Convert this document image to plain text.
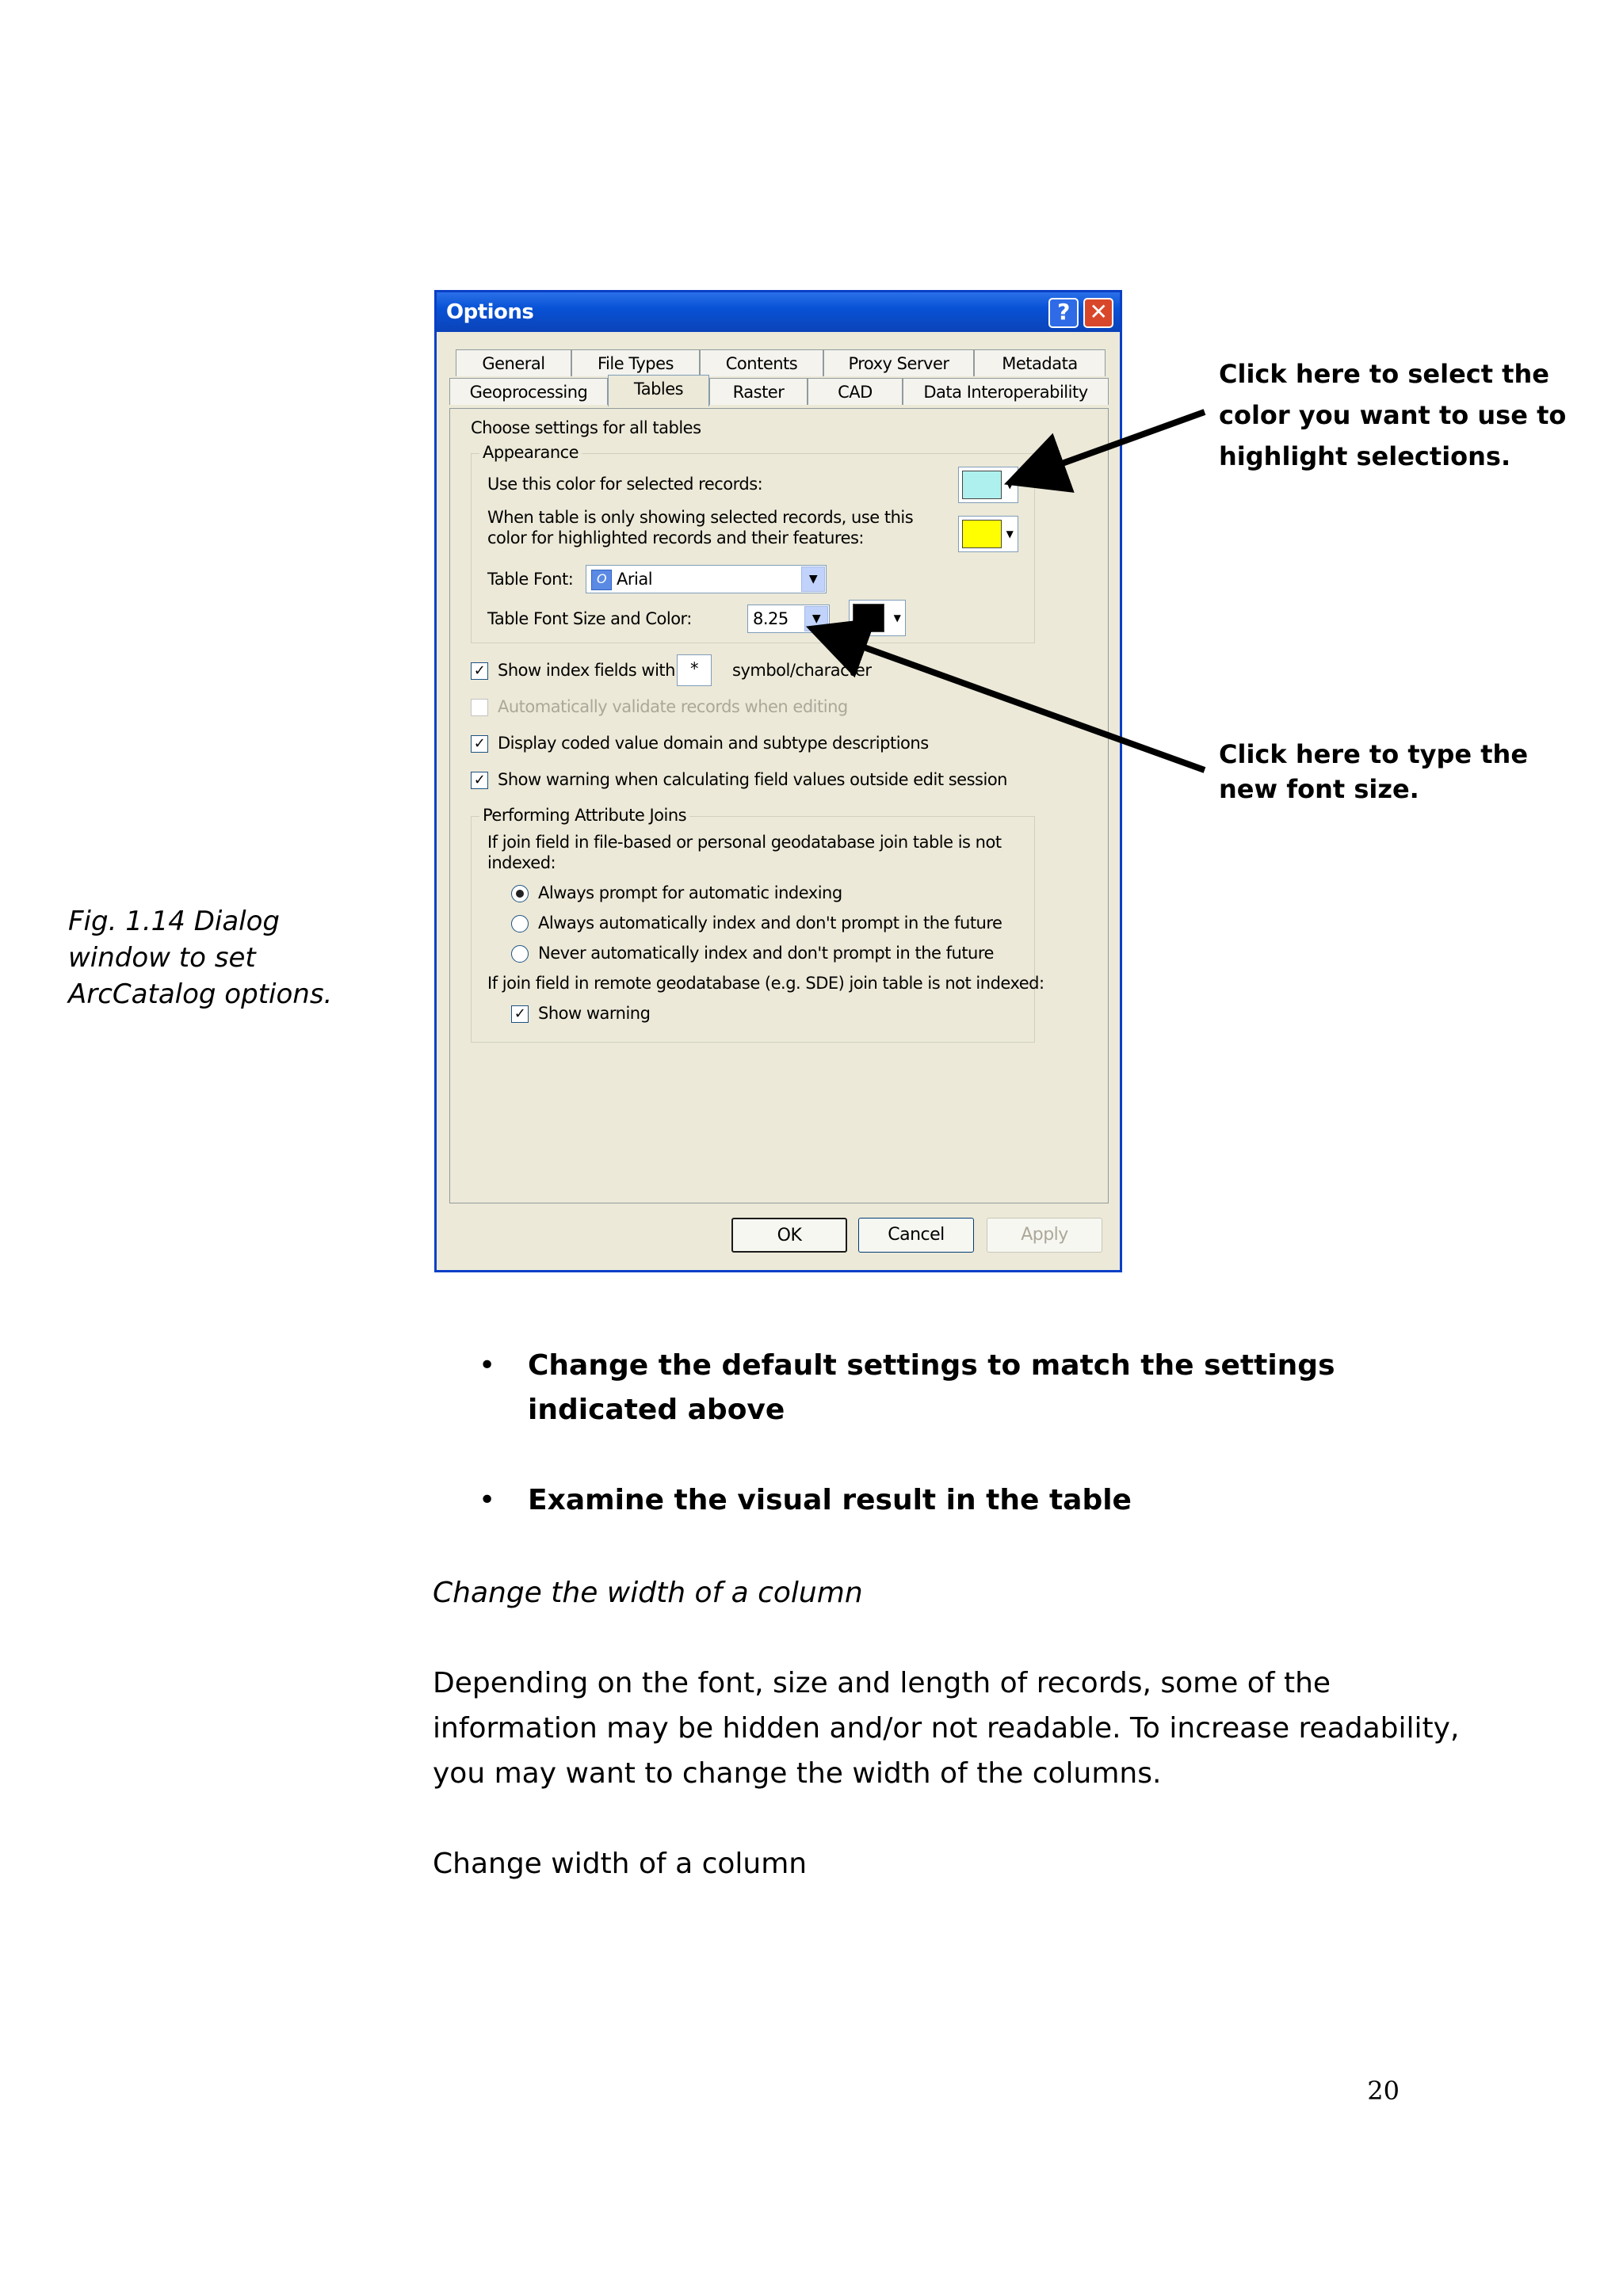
Fig. 1.14 Dialog window to set ArcCatalog options.
Options	? ✕
General	File Types	Contents	Proxy Server	Metadata
Geoprocessing	Tables	Raster	CAD	Data Interoperability
Choose settings for all tables
Appearance
Use this color for selected records:
When table is only showing selected records, use this
color for highlighted records and their features:
▼
▼
Table Font:	O Arial	▼
Table Font Size and Color:	8.25	▼	▼
✓ Show index fields with *	symbol/character
Automatically validate records when editing
✓ Display coded value domain and subtype descriptions
✓ Show warning when calculating field values outside edit session
Performing Attribute Joins
If join field in file-based or personal geodatabase join table is not
indexed:
Always prompt for automatic indexing
Always automatically index and don't prompt in the future
Never automatically index and don't prompt in the future
If join field in remote geodatabase (e.g. SDE) join table is not indexed:
✓ Show warning
OK	Cancel	Apply
Click here to select the color you want to use to highlight selections.
Click here to type the new font size.
• Change the default settings to match the settings indicated above
• Examine the visual result in the table
Change the width of a column
Depending on the font, size and length of records, some of the information may be hidden and/or not readable. To increase readability, you may want to change the width of the columns.
Change width of a column
20
